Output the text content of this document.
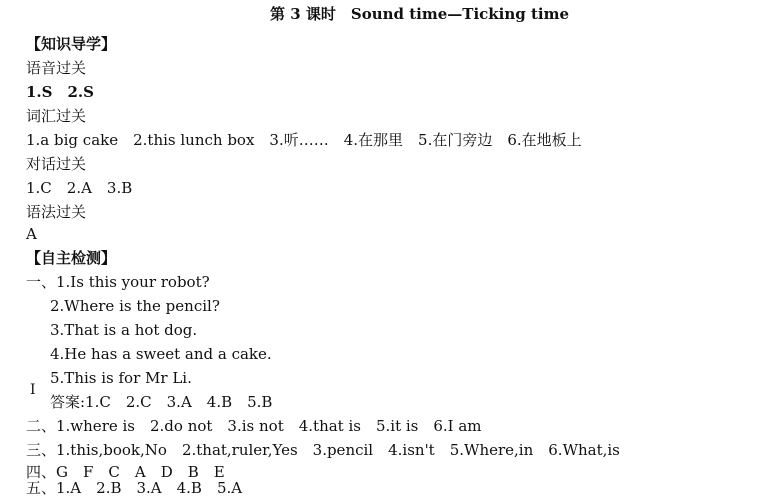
第 3 课时　Sound time—Ticking time
【知识导学】
语音过关
1.S　2.S
词汇过关
1.a big cake　2.this lunch box　3.听……　4.在那里　5.在门旁边　6.在地板上
对话过关
1.C　2.A　3.B
语法过关
A
【自主检测】
一、1.Is this your robot?
2.Where is the pencil?
3.That is a hot dog.
4.He has a sweet and a cake.
5.This is for Mr Li.
I
答案:1.C　2.C　3.A　4.B　5.B
二、1.where is　2.do not　3.is not　4.that is　5.it is　6.I am
三、1.this,book,No　2.that,ruler,Yes　3.pencil　4.isn't　5.Where,in　6.What,is
四、G　F　C　A　D　B　E
五、1.A　2.B　3.A　4.B　5.A
